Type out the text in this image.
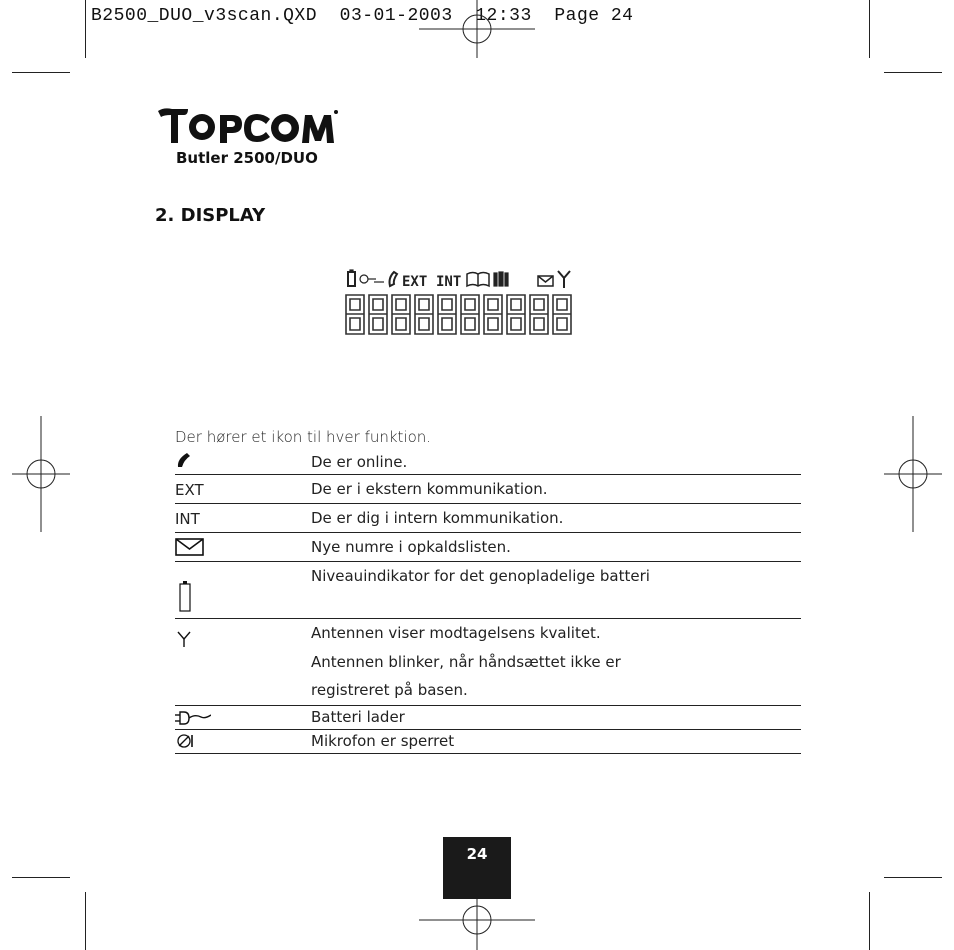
B2500_DUO_v3scan.QXD  03-01-2003  12:33  Page 24
Butler 2500/DUO
2. DISPLAY
EXT INT
Der hører et ikon til hver funktion.
De er online.
EXT	De er i ekstern kommunikation.
INT	De er dig i intern kommunikation.
Nye numre i opkaldslisten.
Niveauindikator for det genopladelige batteri
Antennen viser modtagelsens kvalitet.
Antennen blinker, når håndsættet ikke er
registreret på basen.
Batteri lader
Mikrofon er sperret
24
